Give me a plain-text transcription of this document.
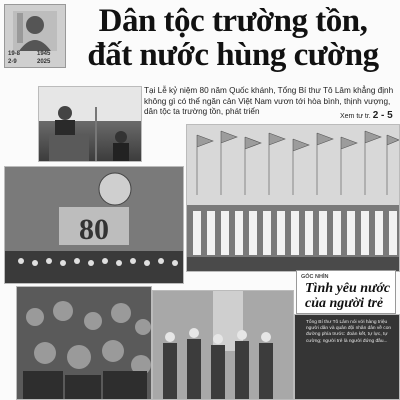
19-8
2-9
1945
2025
Dân tộc trường tồn,
đất nước hùng cường

Tại Lễ kỷ niệm 80 năm Quốc khánh, Tổng Bí thư Tô Lâm khẳng định không gì có thể ngăn cản Việt Nam vươn tới hòa bình, thịnh vượng, dân tộc ta trường tồn, phát triển

Xem tư tr. 2 - 5
80

Tổng Bí thư Tô Lâm nói với hàng triệu người dân và quân đội nhân dân về con đường phía trước: đoàn kết, tự lực, tự cường; người trẻ là người đứng đầu...

GÓC NHÌN
Tình yêu nước của người trẻ
